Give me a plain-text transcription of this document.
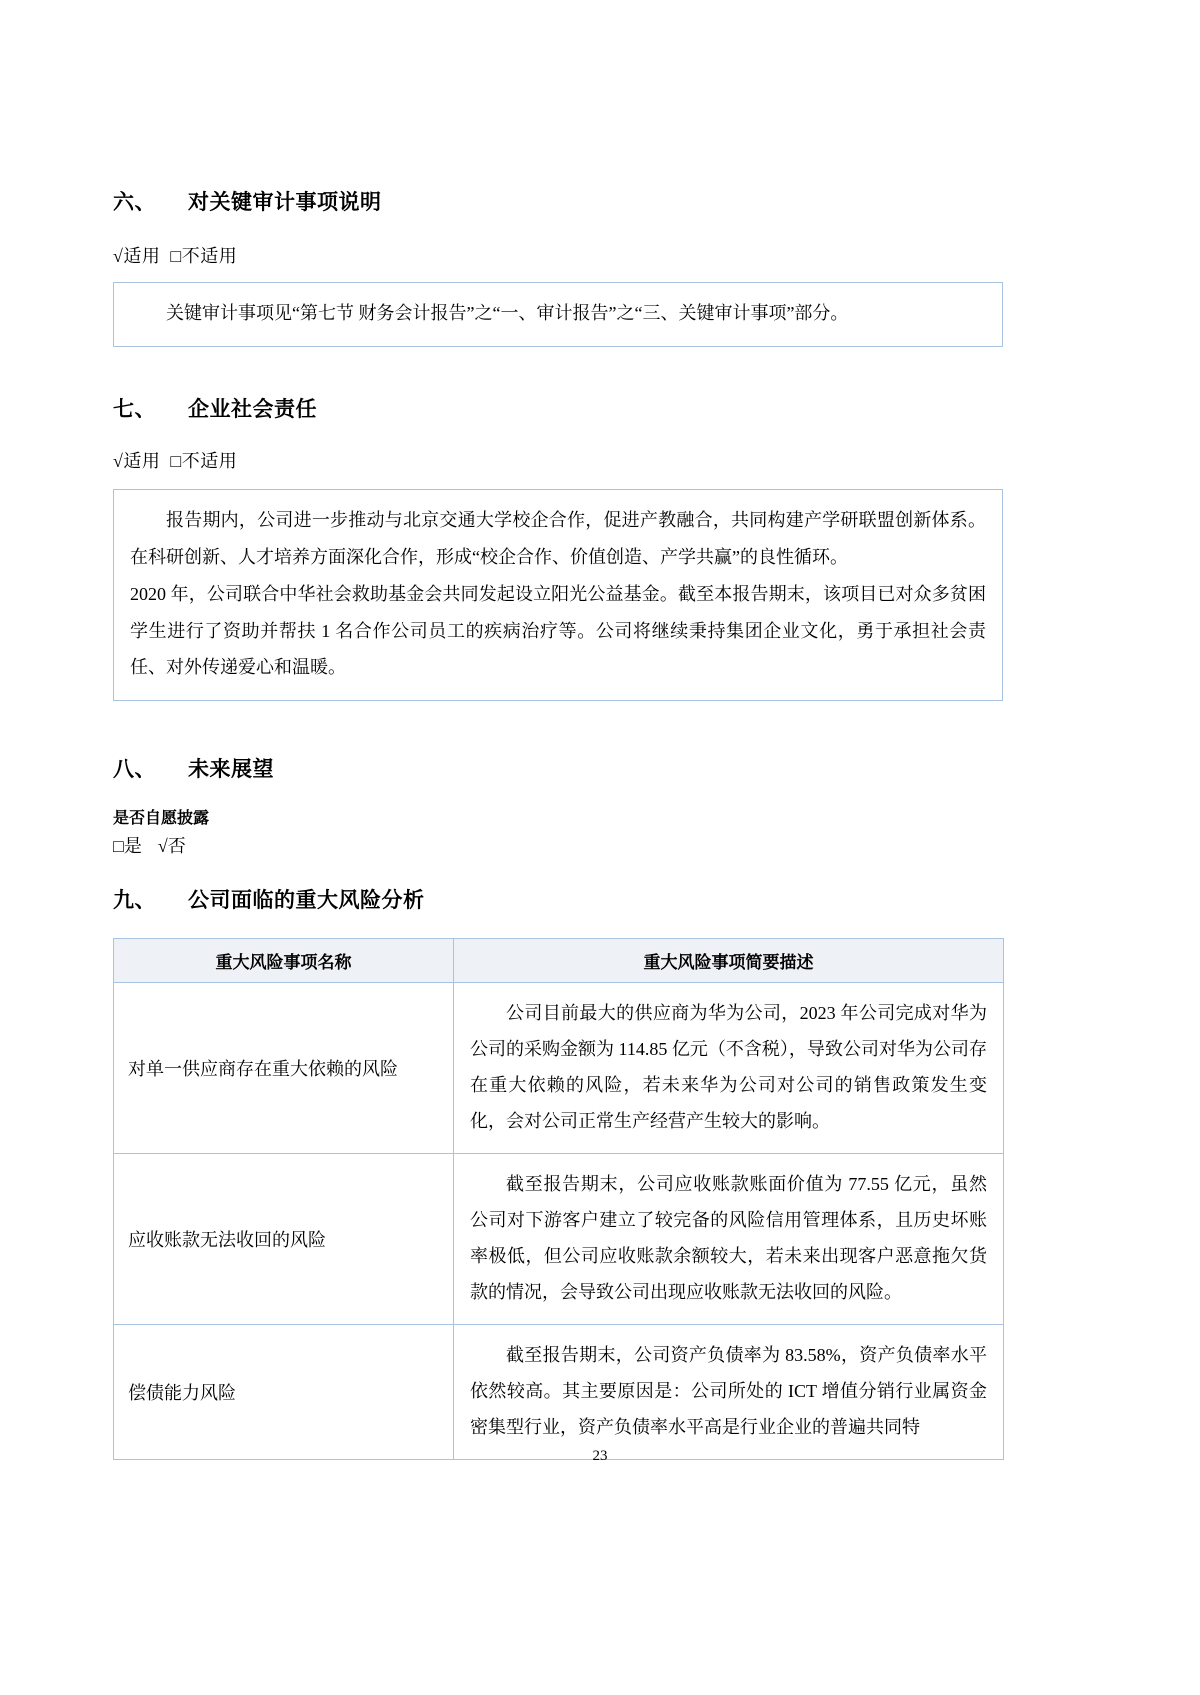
六、 对关键审计事项说明
√适用 □不适用

关键审计事项见“第七节 财务会计报告”之“一、审计报告”之“三、关键审计事项”部分。

七、 企业社会责任
√适用 □不适用

报告期内，公司进一步推动与北京交通大学校企合作，促进产教融合，共同构建产学研联盟创新体系。在科研创新、人才培养方面深化合作，形成“校企合作、价值创造、产学共赢”的良性循环。

2020 年，公司联合中华社会救助基金会共同发起设立阳光公益基金。截至本报告期末，该项目已对众多贫困学生进行了资助并帮扶 1 名合作公司员工的疾病治疗等。公司将继续秉持集团企业文化，勇于承担社会责任、对外传递爱心和温暖。

八、 未来展望

是否自愿披露

□是 √否
九、 公司面临的重大风险分析
重大风险事项名称	重大风险事项简要描述
对单一供应商存在重大依赖的风险	公司目前最大的供应商为华为公司，2023 年公司完成对华为公司的采购金额为 114.85 亿元（不含税），导致公司对华为公司存在重大依赖的风险，若未来华为公司对公司的销售政策发生变化，会对公司正常生产经营产生较大的影响。
应收账款无法收回的风险	截至报告期末，公司应收账款账面价值为 77.55 亿元，虽然公司对下游客户建立了较完备的风险信用管理体系，且历史坏账率极低，但公司应收账款余额较大，若未来出现客户恶意拖欠货款的情况，会导致公司出现应收账款无法收回的风险。
偿债能力风险	截至报告期末，公司资产负债率为 83.58%，资产负债率水平依然较高。其主要原因是：公司所处的 ICT 增值分销行业属资金密集型行业，资产负债率水平高是行业企业的普遍共同特
23
